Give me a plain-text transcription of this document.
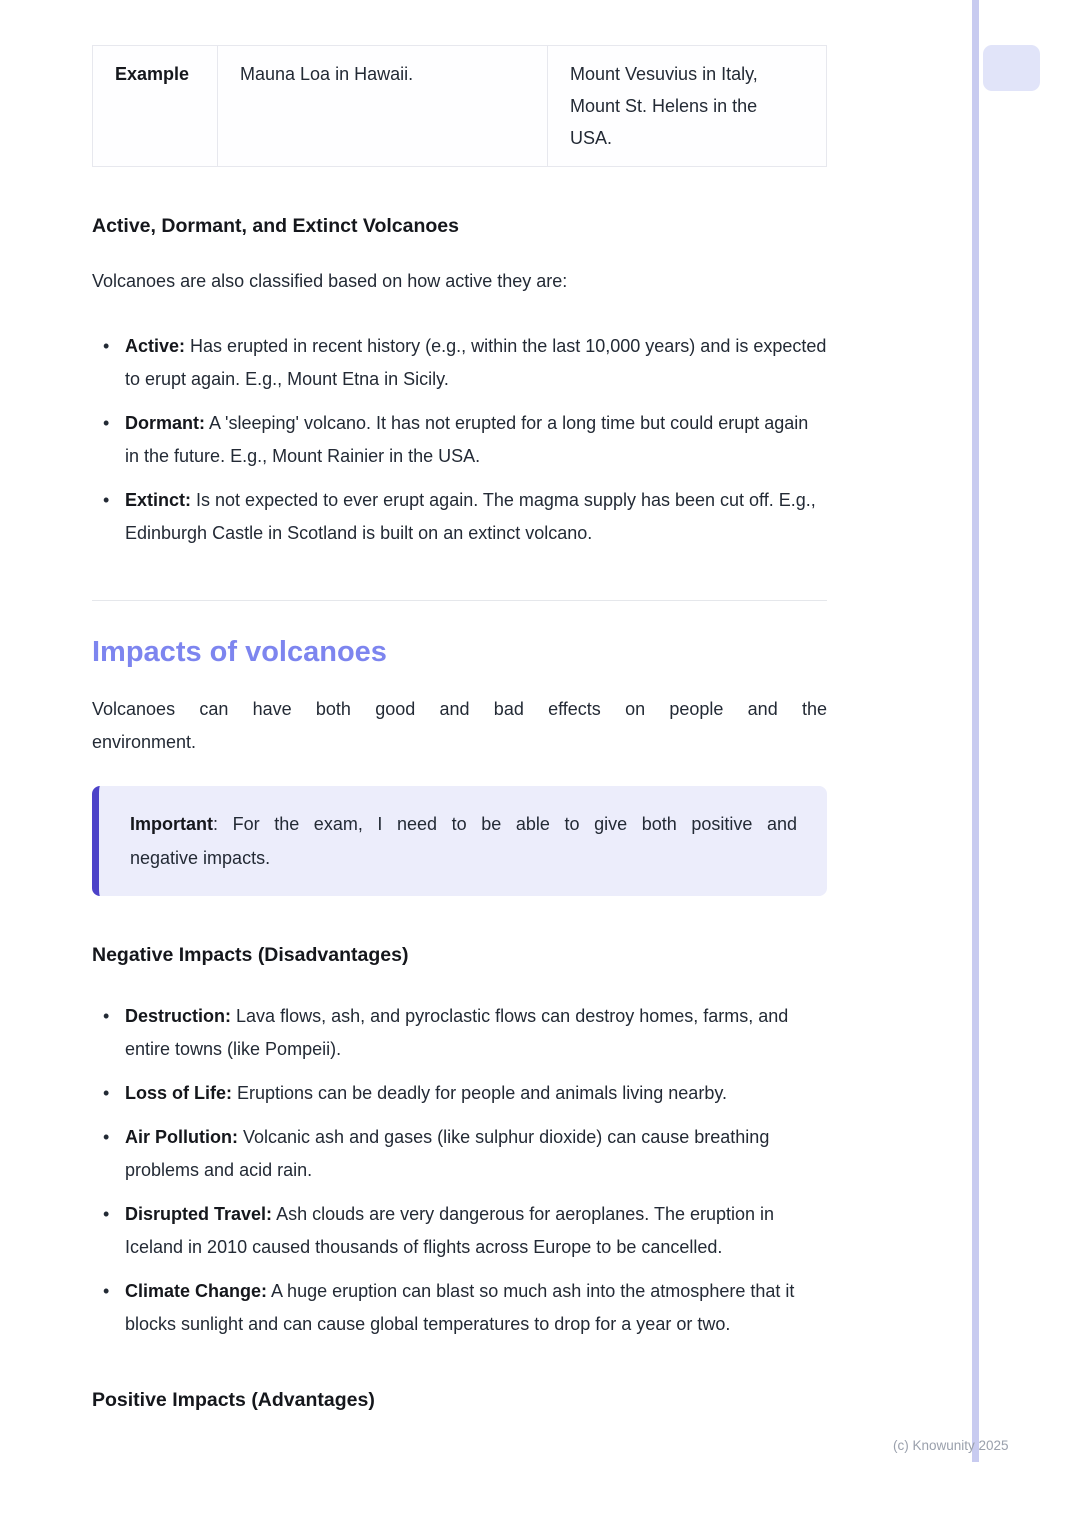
Example	Mauna Loa in Hawaii.	Mount Vesuvius in Italy, Mount St. Helens in the USA.
Active, Dormant, and Extinct Volcanoes

Volcanoes are also classified based on how active they are:

• Active: Has erupted in recent history (e.g., within the last 10,000 years) and is expected to erupt again. E.g., Mount Etna in Sicily.
• Dormant: A 'sleeping' volcano. It has not erupted for a long time but could erupt again in the future. E.g., Mount Rainier in the USA.
• Extinct: Is not expected to ever erupt again. The magma supply has been cut off. E.g., Edinburgh Castle in Scotland is built on an extinct volcano.
Impacts of volcanoes

Volcanoes can have both good and bad effects on people and the
environment.

Important: For the exam, I need to be able to give both positive and
negative impacts.
Negative Impacts (Disadvantages)
• Destruction: Lava flows, ash, and pyroclastic flows can destroy homes, farms, and entire towns (like Pompeii).
• Loss of Life: Eruptions can be deadly for people and animals living nearby.
• Air Pollution: Volcanic ash and gases (like sulphur dioxide) can cause breathing problems and acid rain.
• Disrupted Travel: Ash clouds are very dangerous for aeroplanes. The eruption in Iceland in 2010 caused thousands of flights across Europe to be cancelled.
• Climate Change: A huge eruption can blast so much ash into the atmosphere that it blocks sunlight and can cause global temperatures to drop for a year or two.
Positive Impacts (Advantages)
(c) Knowunity 2025
